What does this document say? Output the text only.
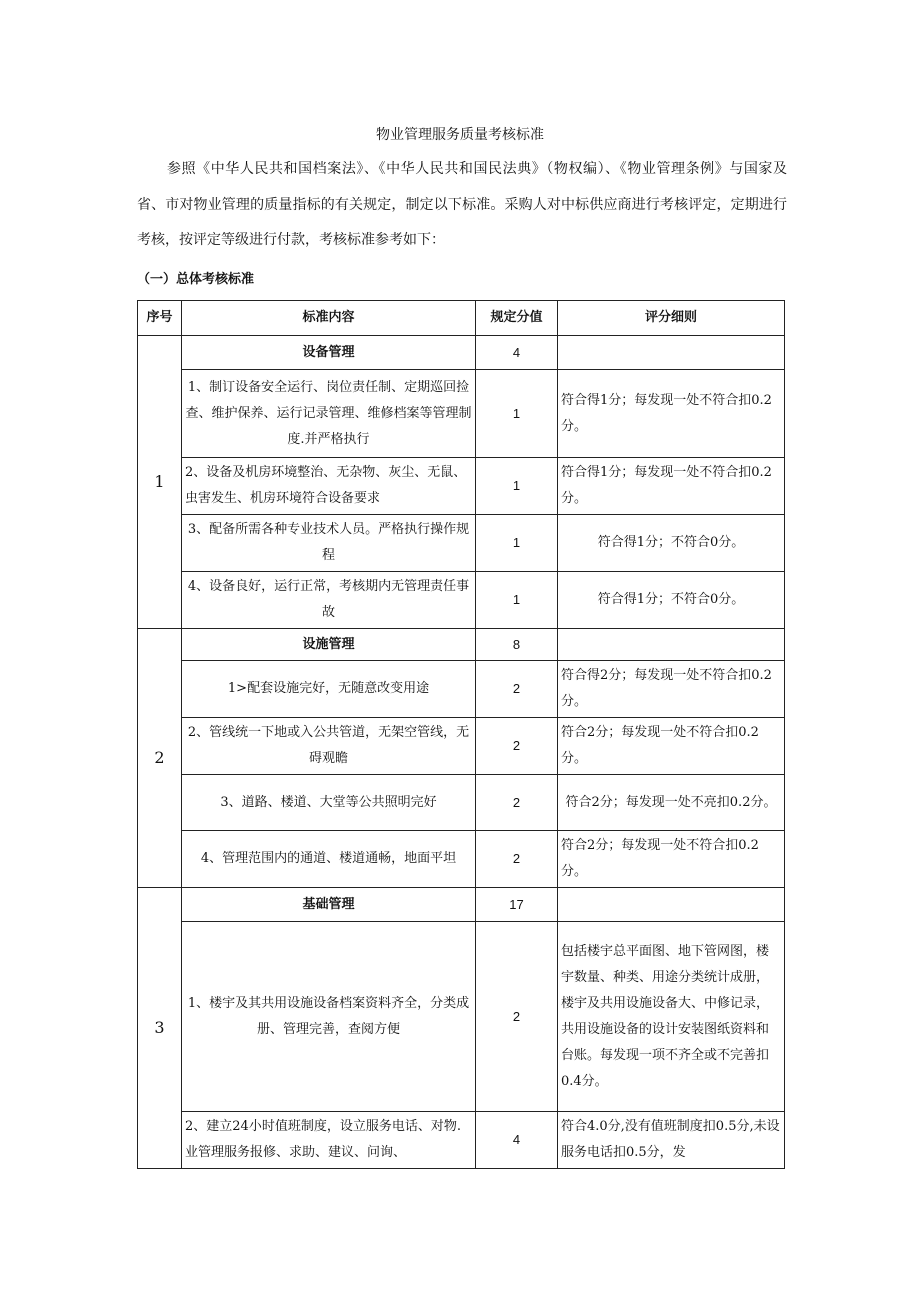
物业管理服务质量考核标准

参照《中华人民共和国档案法》、《中华人民共和国民法典》（物权编）、《物业管理条例》与国家及省、市对物业管理的质量指标的有关规定，制定以下标准。采购人对中标供应商进行考核评定，定期进行考核，按评定等级进行付款，考核标准参考如下：

（一）总体考核标准

序号	标准内容	规定分值	评分细则
1	设备管理	4	
	1、制订设备安全运行、岗位责任制、定期巡回捡查、维护保养、运行记录管理、维修档案等管理制度.并严格执行	1	符合得1分；每发现一处不符合扣0.2分。
	2、设备及机房环境整治、无杂物、灰尘、无鼠、虫害发生、机房环境符合设备要求	1	符合得1分；每发现一处不符合扣0.2分。
	3、配备所需各种专业技术人员。严格执行操作规程	1	符合得1分；不符合0分。
	4、设备良好，运行正常，考核期内无管理责任事故	1	符合得1分；不符合0分。
2	设施管理	8	
	1>配套设施完好，无随意改变用途	2	符合得2分；每发现一处不符合扣0.2分。
	2、管线统一下地或入公共管道，无架空管线，无碍观瞻	2	符合2分；每发现一处不符合扣0.2分。
	3、道路、楼道、大堂等公共照明完好	2	符合2分；每发现一处不亮扣0.2分。
	4、管理范围内的通道、楼道通畅，地面平坦	2	符合2分；每发现一处不符合扣0.2分。
3	基础管理	17	
	1、楼宇及其共用设施设备档案资料齐全，分类成册、管理完善，查阅方便	2	包括楼宇总平面图、地下管网图，楼宇数量、种类、用途分类统计成册，楼宇及共用设施设备大、中修记录，共用设施设备的设计安装图纸资料和台账。每发现一项不齐全或不完善扣0.4分。
	2、建立24小时值班制度，设立服务电话、对物.业管理服务报修、求助、建议、问询、	4	符合4.0分,没有值班制度扣0.5分,未设服务电话扣0.5分，发
